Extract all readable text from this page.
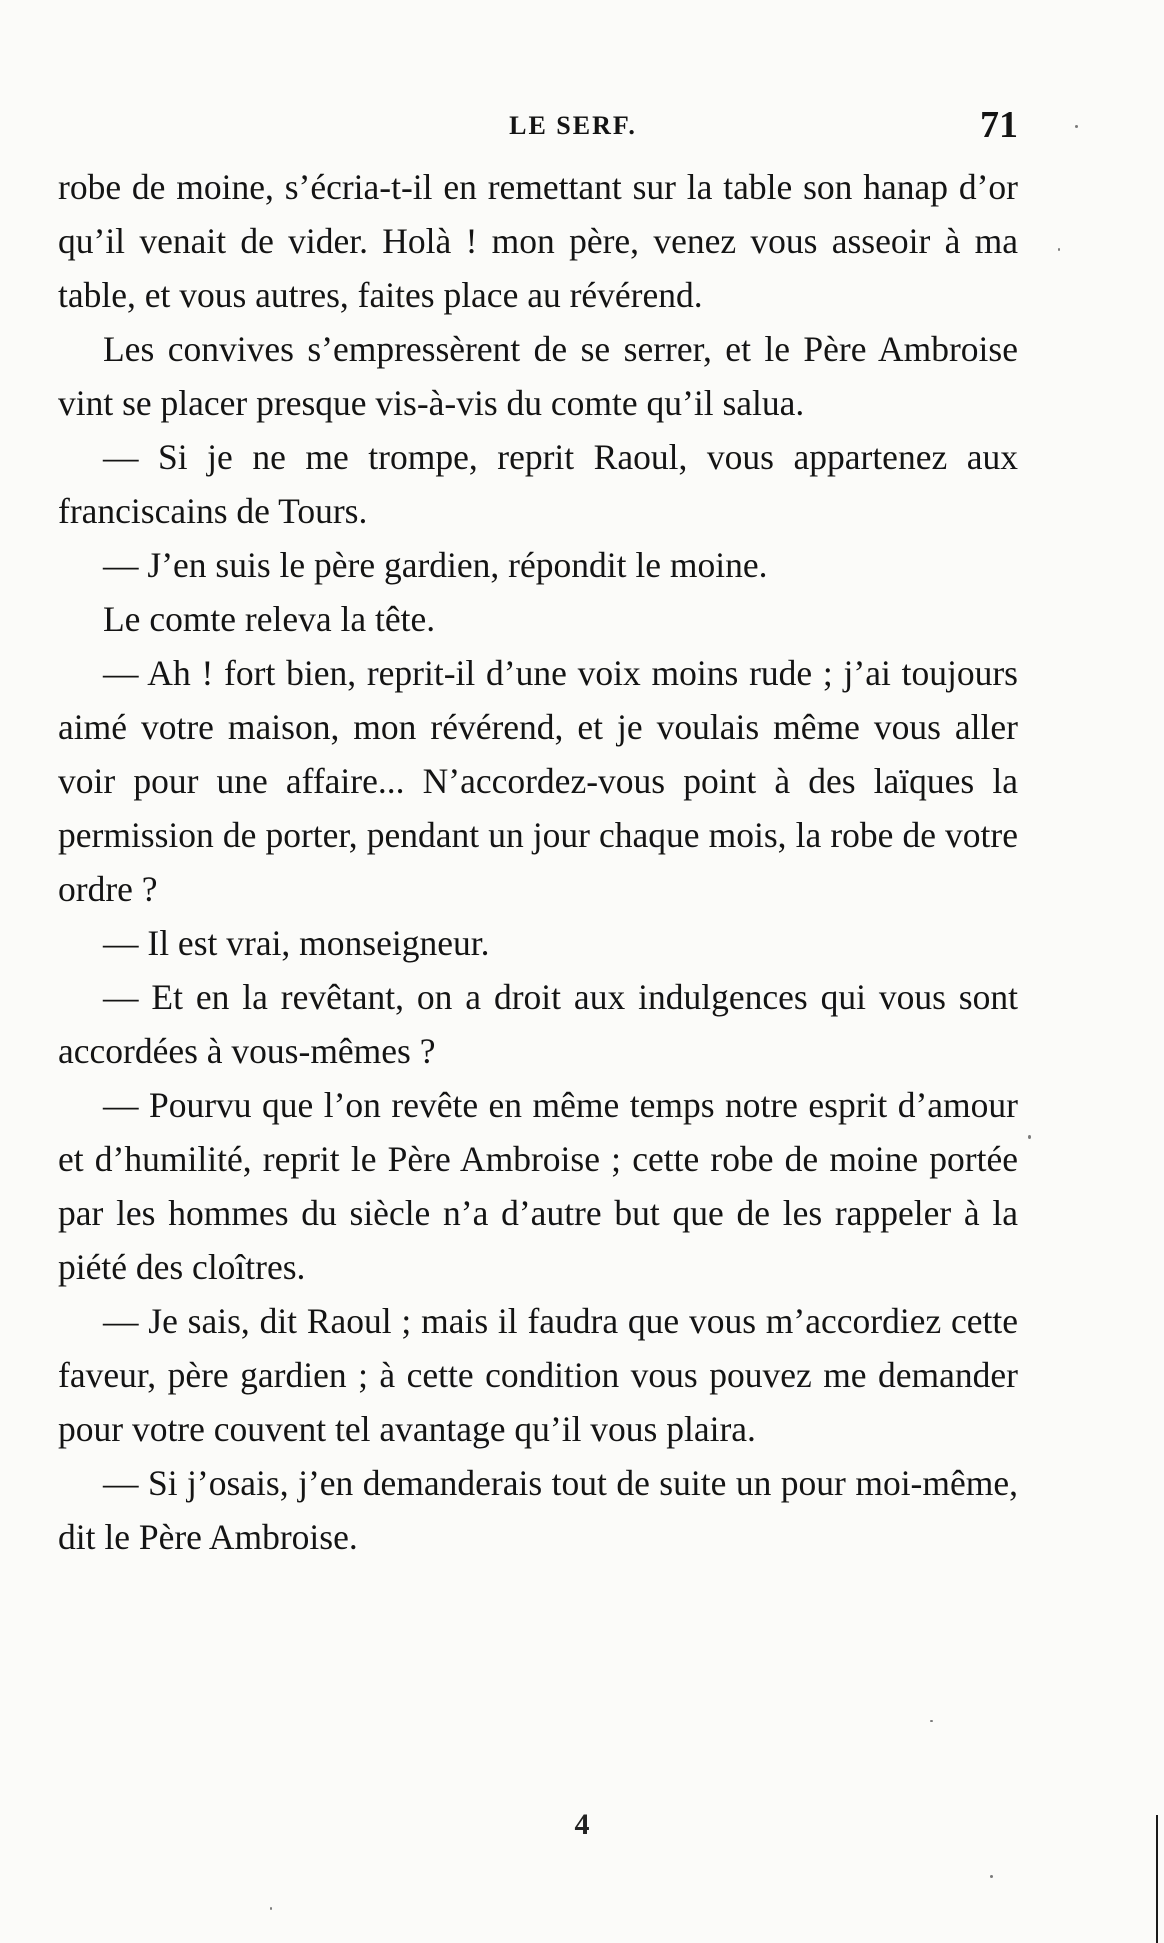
LE SERF.	71

robe de moine, s’écria-t-il en remettant sur la table son hanap d’or qu’il venait de vider. Holà ! mon père, venez vous asseoir à ma table, et vous autres, faites place au révérend.

Les convives s’empressèrent de se serrer, et le Père Ambroise vint se placer presque vis-à-vis du comte qu’il salua.

— Si je ne me trompe, reprit Raoul, vous appartenez aux franciscains de Tours.

— J’en suis le père gardien, répondit le moine.

Le comte releva la tête.

— Ah ! fort bien, reprit-il d’une voix moins rude ; j’ai toujours aimé votre maison, mon révérend, et je voulais même vous aller voir pour une affaire... N’accordez-vous point à des laïques la permission de porter, pendant un jour chaque mois, la robe de votre ordre ?

— Il est vrai, monseigneur.

— Et en la revêtant, on a droit aux indulgences qui vous sont accordées à vous-mêmes ?

— Pourvu que l’on revête en même temps notre esprit d’amour et d’humilité, reprit le Père Ambroise ; cette robe de moine portée par les hommes du siècle n’a d’autre but que de les rappeler à la piété des cloîtres.

— Je sais, dit Raoul ; mais il faudra que vous m’accordiez cette faveur, père gardien ; à cette condition vous pouvez me demander pour votre couvent tel avantage qu’il vous plaira.

— Si j’osais, j’en demanderais tout de suite un pour moi-même, dit le Père Ambroise.

4
